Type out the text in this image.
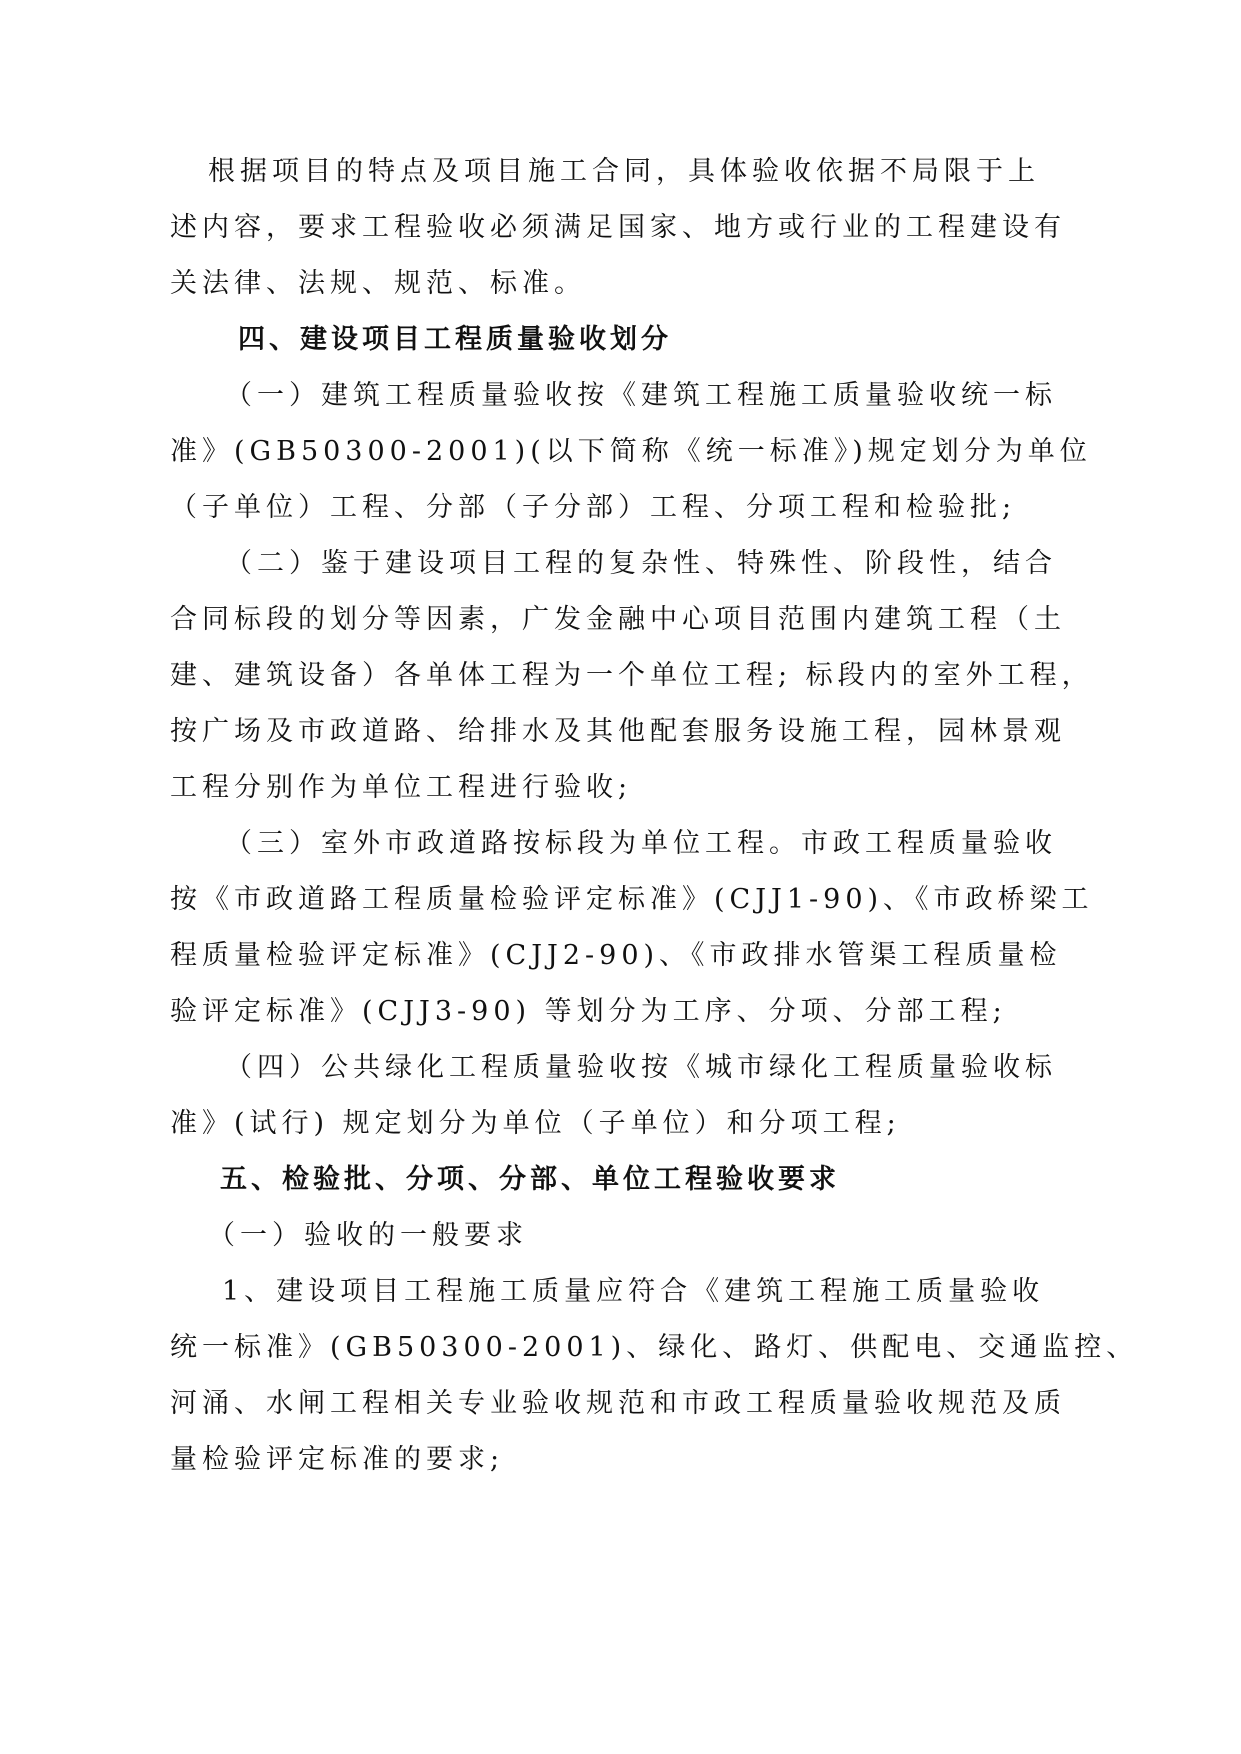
根据项目的特点及项目施工合同，具体验收依据不局限于上
述内容，要求工程验收必须满足国家、地方或行业的工程建设有
关法律、法规、规范、标准。
四、建设项目工程质量验收划分
（一）建筑工程质量验收按《建筑工程施工质量验收统一标
准》(GB50300-2001)(以下简称《统一标准》)规定划分为单位
（子单位）工程、分部（子分部）工程、分项工程和检验批;
（二）鉴于建设项目工程的复杂性、特殊性、阶段性，结合
合同标段的划分等因素，广发金融中心项目范围内建筑工程（土
建、建筑设备）各单体工程为一个单位工程; 标段内的室外工程，
按广场及市政道路、给排水及其他配套服务设施工程，园林景观
工程分别作为单位工程进行验收;
（三）室外市政道路按标段为单位工程。市政工程质量验收
按《市政道路工程质量检验评定标准》(CJJ1-90)、《市政桥梁工
程质量检验评定标准》(CJJ2-90)、《市政排水管渠工程质量检
验评定标准》(CJJ3-90) 等划分为工序、分项、分部工程;
（四）公共绿化工程质量验收按《城市绿化工程质量验收标
准》(试行) 规定划分为单位（子单位）和分项工程;
五、检验批、分项、分部、单位工程验收要求
（一）验收的一般要求
1、建设项目工程施工质量应符合《建筑工程施工质量验收
统一标准》(GB50300-2001)、绿化、路灯、供配电、交通监控、
河涌、水闸工程相关专业验收规范和市政工程质量验收规范及质
量检验评定标准的要求;
